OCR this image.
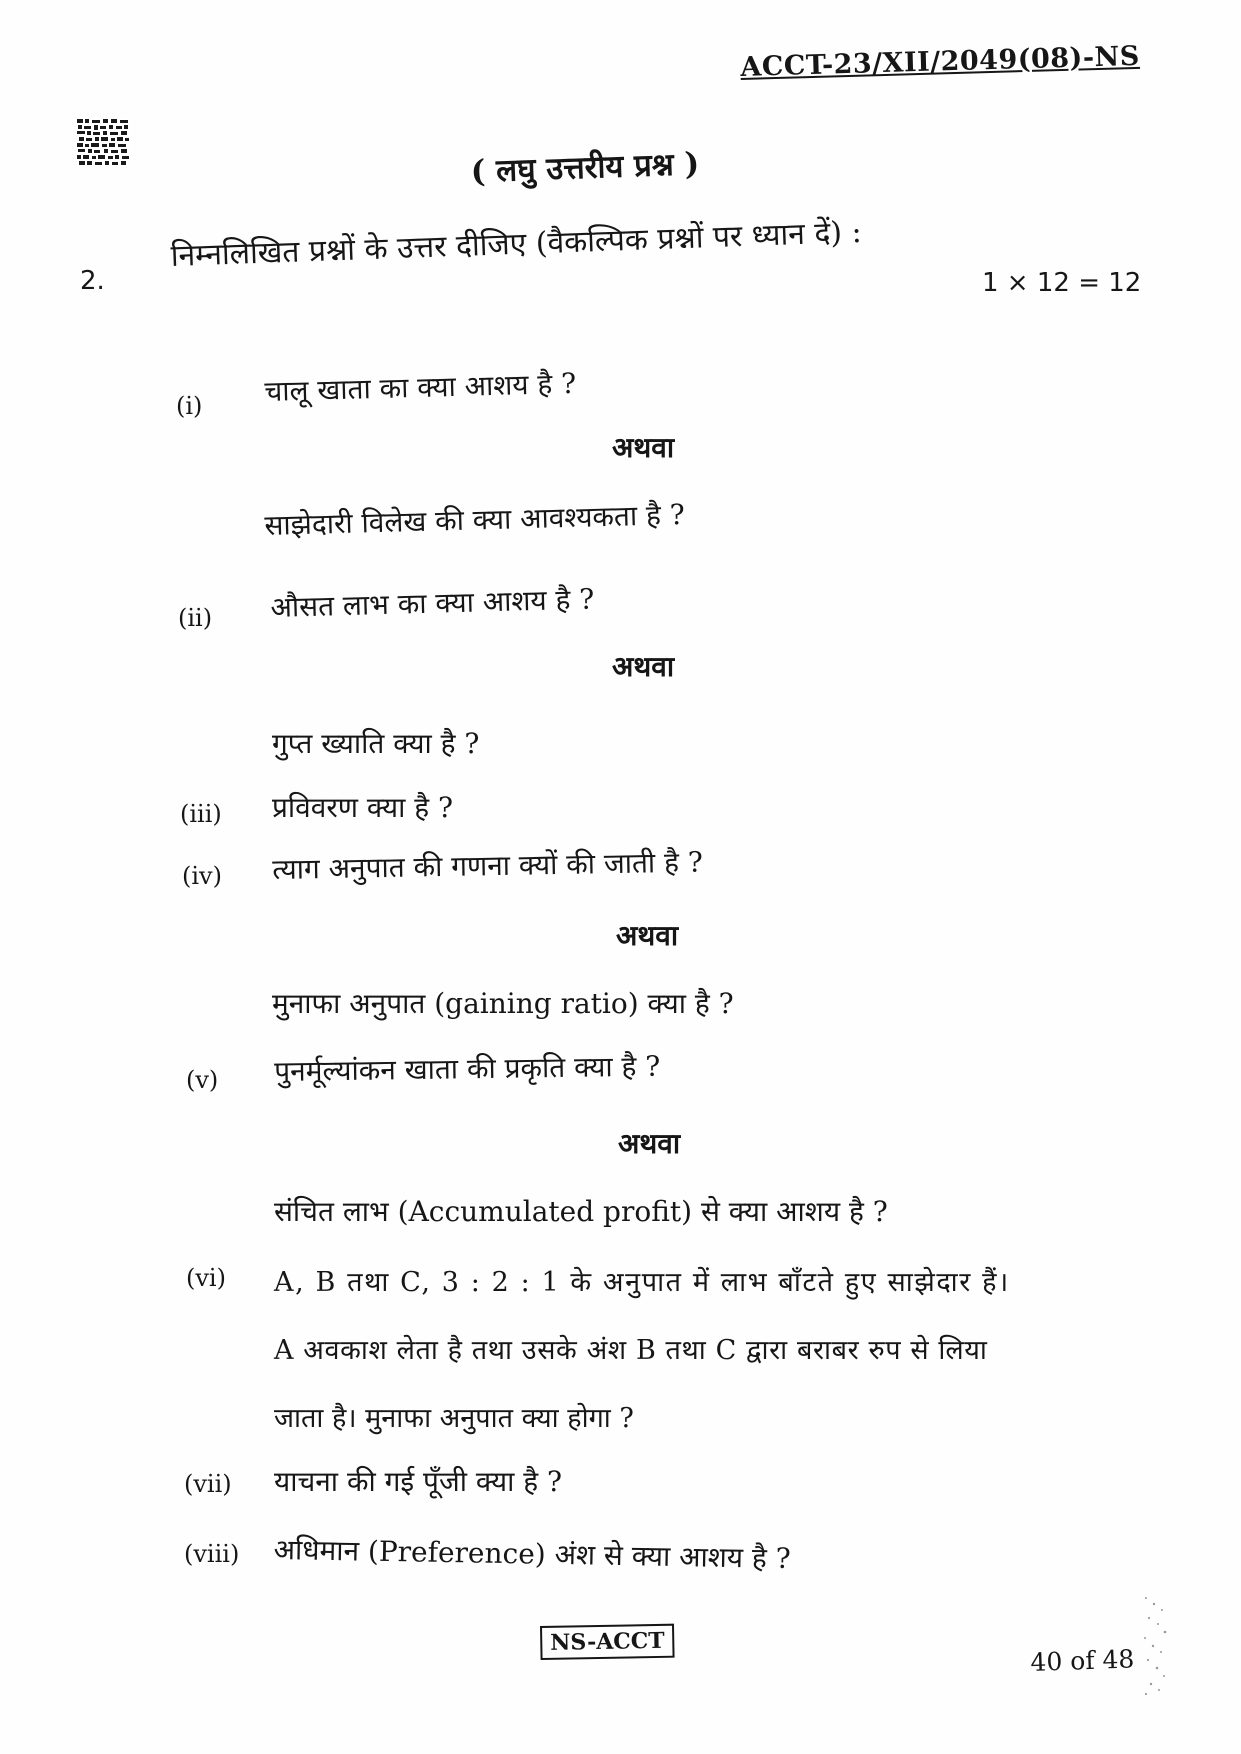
ACCT-23/XII/2049(08)-NS
( लघु उत्तरीय प्रश्न )
2.
निम्नलिखित प्रश्नों के उत्तर दीजिए (वैकल्पिक प्रश्नों पर ध्यान दें) :
1 × 12 = 12
(i) चालू खाता का क्या आशय है ?
अथवा
साझेदारी विलेख की क्या आवश्यकता है ?
(ii) औसत लाभ का क्या आशय है ?
अथवा
गुप्त ख्याति क्या है ?
(iii) प्रविवरण क्या है ?
(iv) त्याग अनुपात की गणना क्यों की जाती है ?
अथवा
मुनाफा अनुपात (gaining ratio) क्या है ?
(v) पुनर्मूल्यांकन खाता की प्रकृति क्या है ?
अथवा
संचित लाभ (Accumulated profit) से क्या आशय है ?
(vi) A, B तथा C, 3 : 2 : 1 के अनुपात में लाभ बाँटते हुए साझेदार हैं।
A अवकाश लेता है तथा उसके अंश B तथा C द्वारा बराबर रुप से लिया
जाता है। मुनाफा अनुपात क्या होगा ?
(vii) याचना की गई पूँजी क्या है ?
(viii) अधिमान (Preference) अंश से क्या आशय है ?
NS-ACCT
40 of 48
